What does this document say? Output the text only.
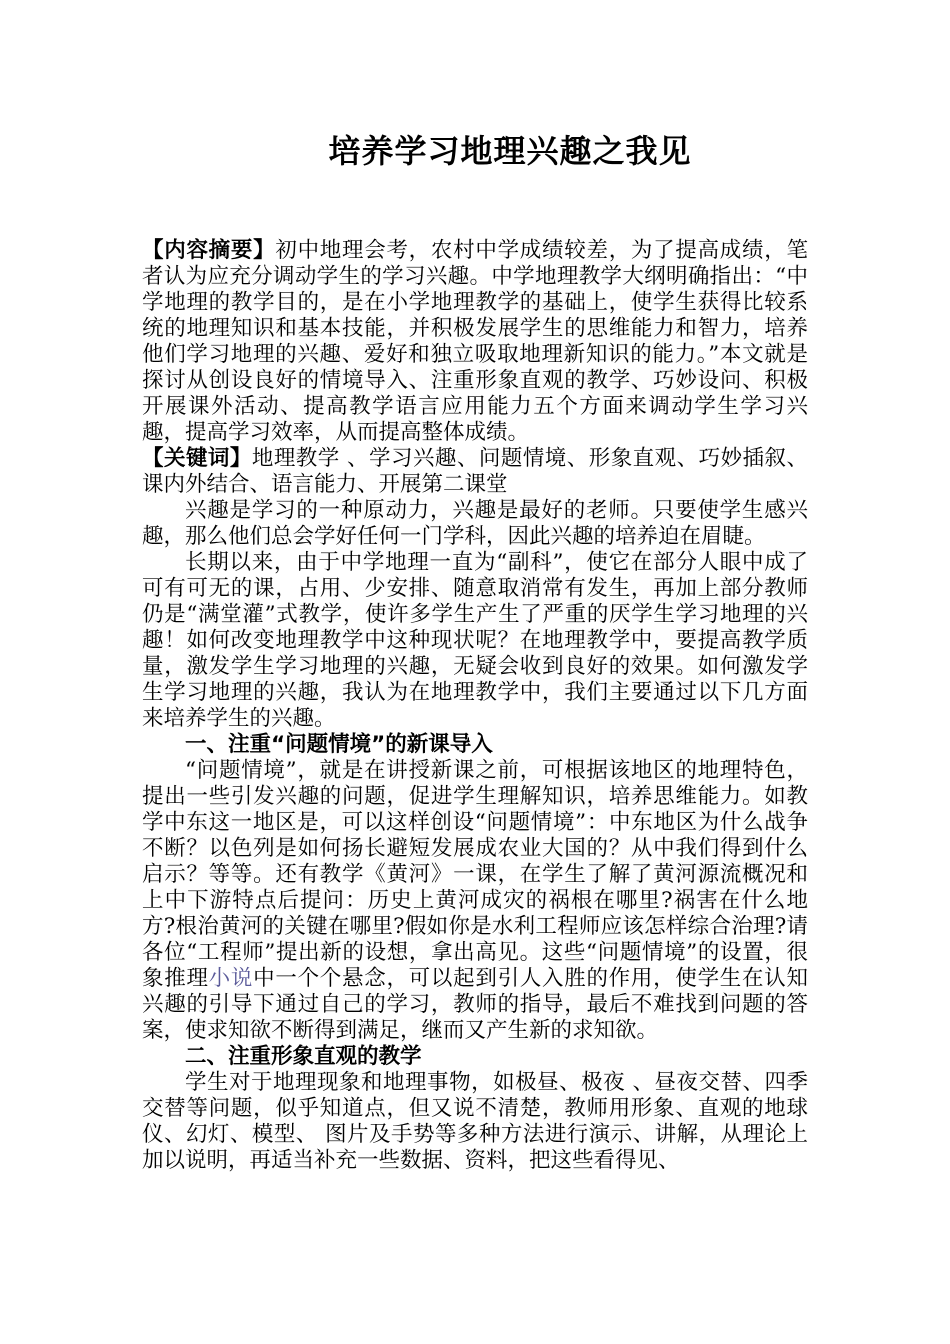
培养学习地理兴趣之我见

【内容摘要】初中地理会考，农村中学成绩较差，为了提高成绩，笔者认为应充分调动学生的学习兴趣。中学地理教学大纲明确指出：“中学地理的教学目的，是在小学地理教学的基础上，使学生获得比较系统的地理知识和基本技能，并积极发展学生的思维能力和智力，培养他们学习地理的兴趣、爱好和独立吸取地理新知识的能力。”本文就是探讨从创设良好的情境导入、注重形象直观的教学、巧妙设问、积极开展课外活动、提高教学语言应用能力五个方面来调动学生学习兴趣，提高学习效率，从而提高整体成绩。

【关键词】地理教学 、学习兴趣、问题情境、形象直观、巧妙插叙、课内外结合、语言能力、开展第二课堂

兴趣是学习的一种原动力，兴趣是最好的老师。只要使学生感兴趣，那么他们总会学好任何一门学科，因此兴趣的培养迫在眉睫。

长期以来，由于中学地理一直为“副科”，使它在部分人眼中成了可有可无的课，占用、少安排、随意取消常有发生，再加上部分教师仍是“满堂灌”式教学，使许多学生产生了严重的厌学生学习地理的兴趣！如何改变地理教学中这种现状呢？在地理教学中，要提高教学质量，激发学生学习地理的兴趣，无疑会收到良好的效果。如何激发学生学习地理的兴趣，我认为在地理教学中，我们主要通过以下几方面来培养学生的兴趣。

一、注重“问题情境”的新课导入

“问题情境”，就是在讲授新课之前，可根据该地区的地理特色，提出一些引发兴趣的问题，促进学生理解知识，培养思维能力。如教学中东这一地区是，可以这样创设“问题情境”：中东地区为什么战争不断？以色列是如何扬长避短发展成农业大国的？从中我们得到什么启示？等等。还有教学《黄河》一课，在学生了解了黄河源流概况和上中下游特点后提问：历史上黄河成灾的祸根在哪里?祸害在什么地方?根治黄河的关键在哪里?假如你是水利工程师应该怎样综合治理?请各位“工程师”提出新的设想，拿出高见。这些“问题情境”的设置，很象推理小说中一个个悬念，可以起到引人入胜的作用，使学生在认知兴趣的引导下通过自己的学习，教师的指导，最后不难找到问题的答案，使求知欲不断得到满足，继而又产生新的求知欲。

二、注重形象直观的教学

学生对于地理现象和地理事物，如极昼、极夜 、昼夜交替、四季交替等问题，似乎知道点，但又说不清楚，教师用形象、直观的地球仪、幻灯、模型、 图片及手势等多种方法进行演示、讲解，从理论上加以说明，再适当补充一些数据、资料，把这些看得见、
